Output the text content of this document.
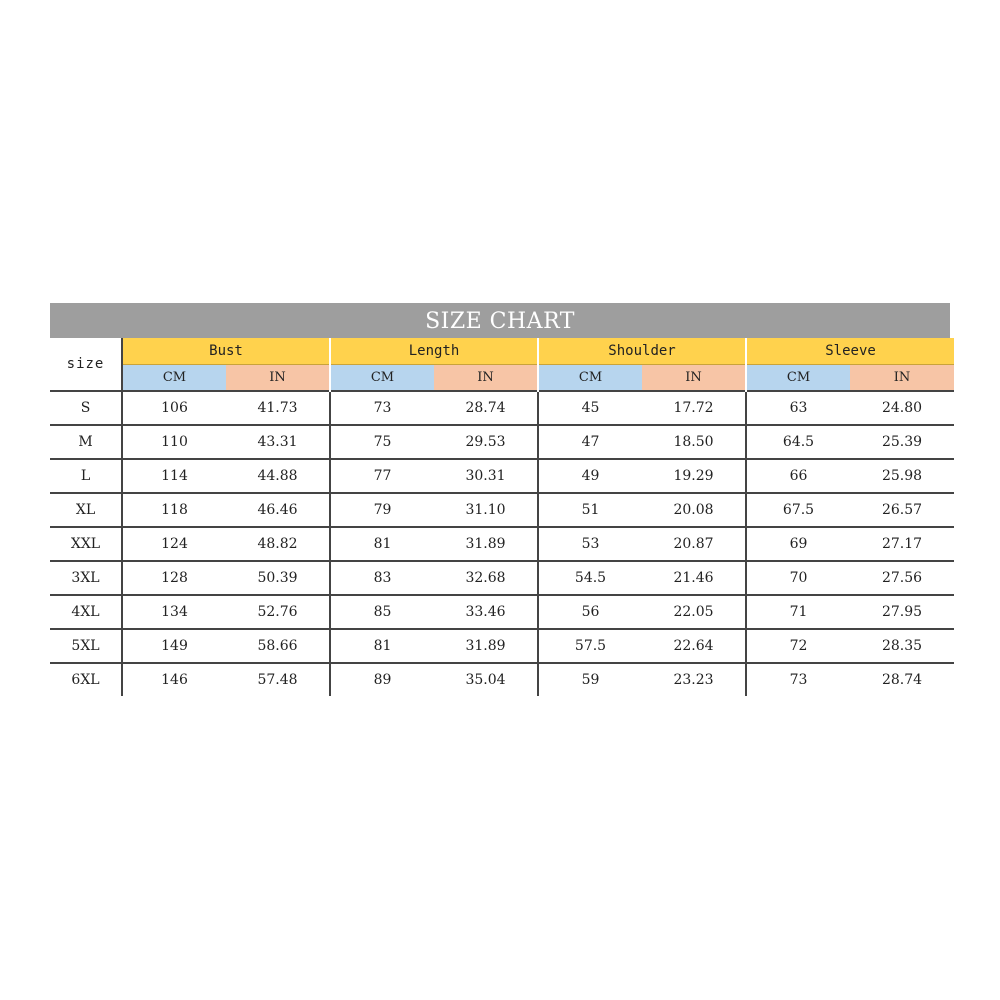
SIZE CHART
size	Bust		Length		Shoulder		Sleeve	
	CM	IN	CM	IN	CM	IN	CM	IN
S	106	41.73	73	28.74	45	17.72	63	24.80
M	110	43.31	75	29.53	47	18.50	64.5	25.39
L	114	44.88	77	30.31	49	19.29	66	25.98
XL	118	46.46	79	31.10	51	20.08	67.5	26.57
XXL	124	48.82	81	31.89	53	20.87	69	27.17
3XL	128	50.39	83	32.68	54.5	21.46	70	27.56
4XL	134	52.76	85	33.46	56	22.05	71	27.95
5XL	149	58.66	81	31.89	57.5	22.64	72	28.35
6XL	146	57.48	89	35.04	59	23.23	73	28.74
